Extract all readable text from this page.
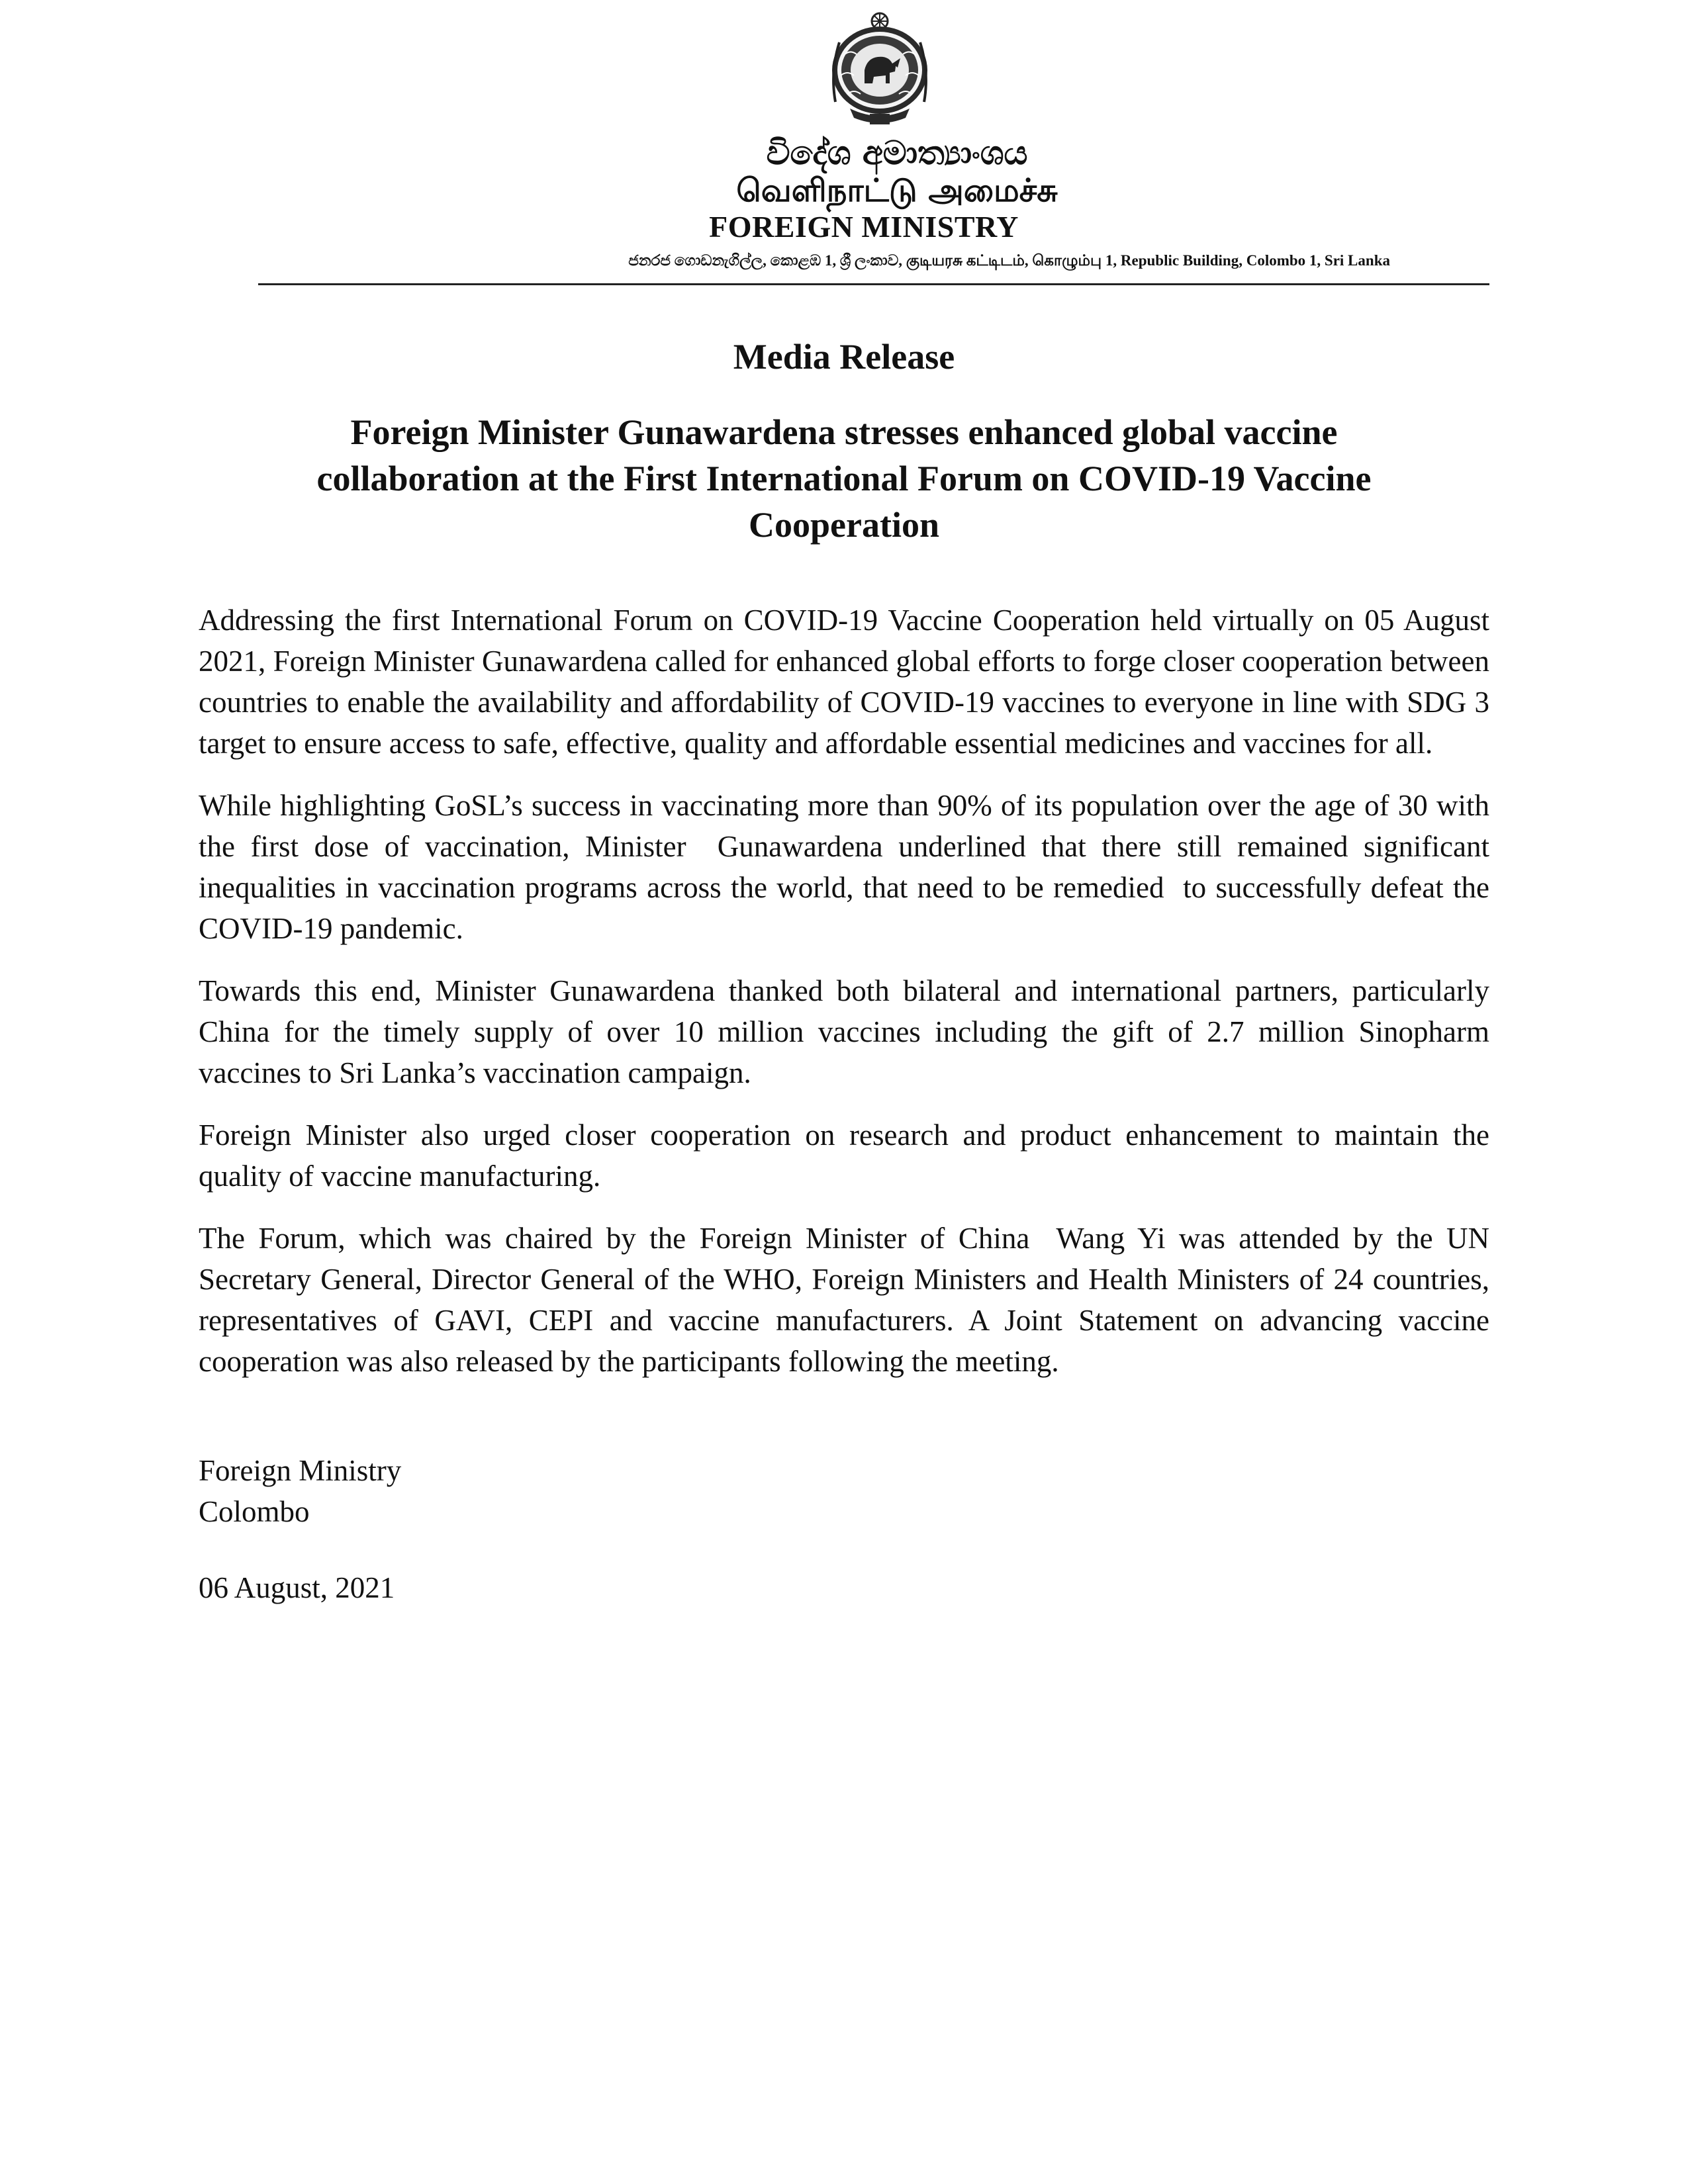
විදේශ අමාත්‍යාංශය
வெளிநாட்டு அமைச்சு
FOREIGN MINISTRY
ජනරජ ගොඩනැගිල්ල, කොළඹ 1, ශ්‍රී ලංකාව, குடியரசு கட்டிடம், கொழும்பு 1, Republic Building, Colombo 1, Sri Lanka
Media Release
Foreign Minister Gunawardena stresses enhanced global vaccine collaboration at the First International Forum on COVID-19 Vaccine Cooperation

Addressing the first International Forum on COVID-19 Vaccine Cooperation held virtually on 05 August 2021, Foreign Minister Gunawardena called for enhanced global efforts to forge closer cooperation between countries to enable the availability and affordability of COVID-19 vaccines to everyone in line with SDG 3 target to ensure access to safe, effective, quality and affordable essential medicines and vaccines for all.

While highlighting GoSL’s success in vaccinating more than 90% of its population over the age of 30 with the first dose of vaccination, Minister  Gunawardena underlined that there still remained significant inequalities in vaccination programs across the world, that need to be remedied  to successfully defeat the COVID-19 pandemic.

Towards this end, Minister Gunawardena thanked both bilateral and international partners, particularly China for the timely supply of over 10 million vaccines including the gift of 2.7 million Sinopharm vaccines to Sri Lanka’s vaccination campaign.

Foreign Minister also urged closer cooperation on research and product enhancement to maintain the quality of vaccine manufacturing.

The Forum, which was chaired by the Foreign Minister of China  Wang Yi was attended by the UN Secretary General, Director General of the WHO, Foreign Ministers and Health Ministers of 24 countries, representatives of GAVI, CEPI and vaccine manufacturers. A Joint Statement on advancing vaccine cooperation was also released by the participants following the meeting.

Foreign Ministry
Colombo
06 August, 2021
